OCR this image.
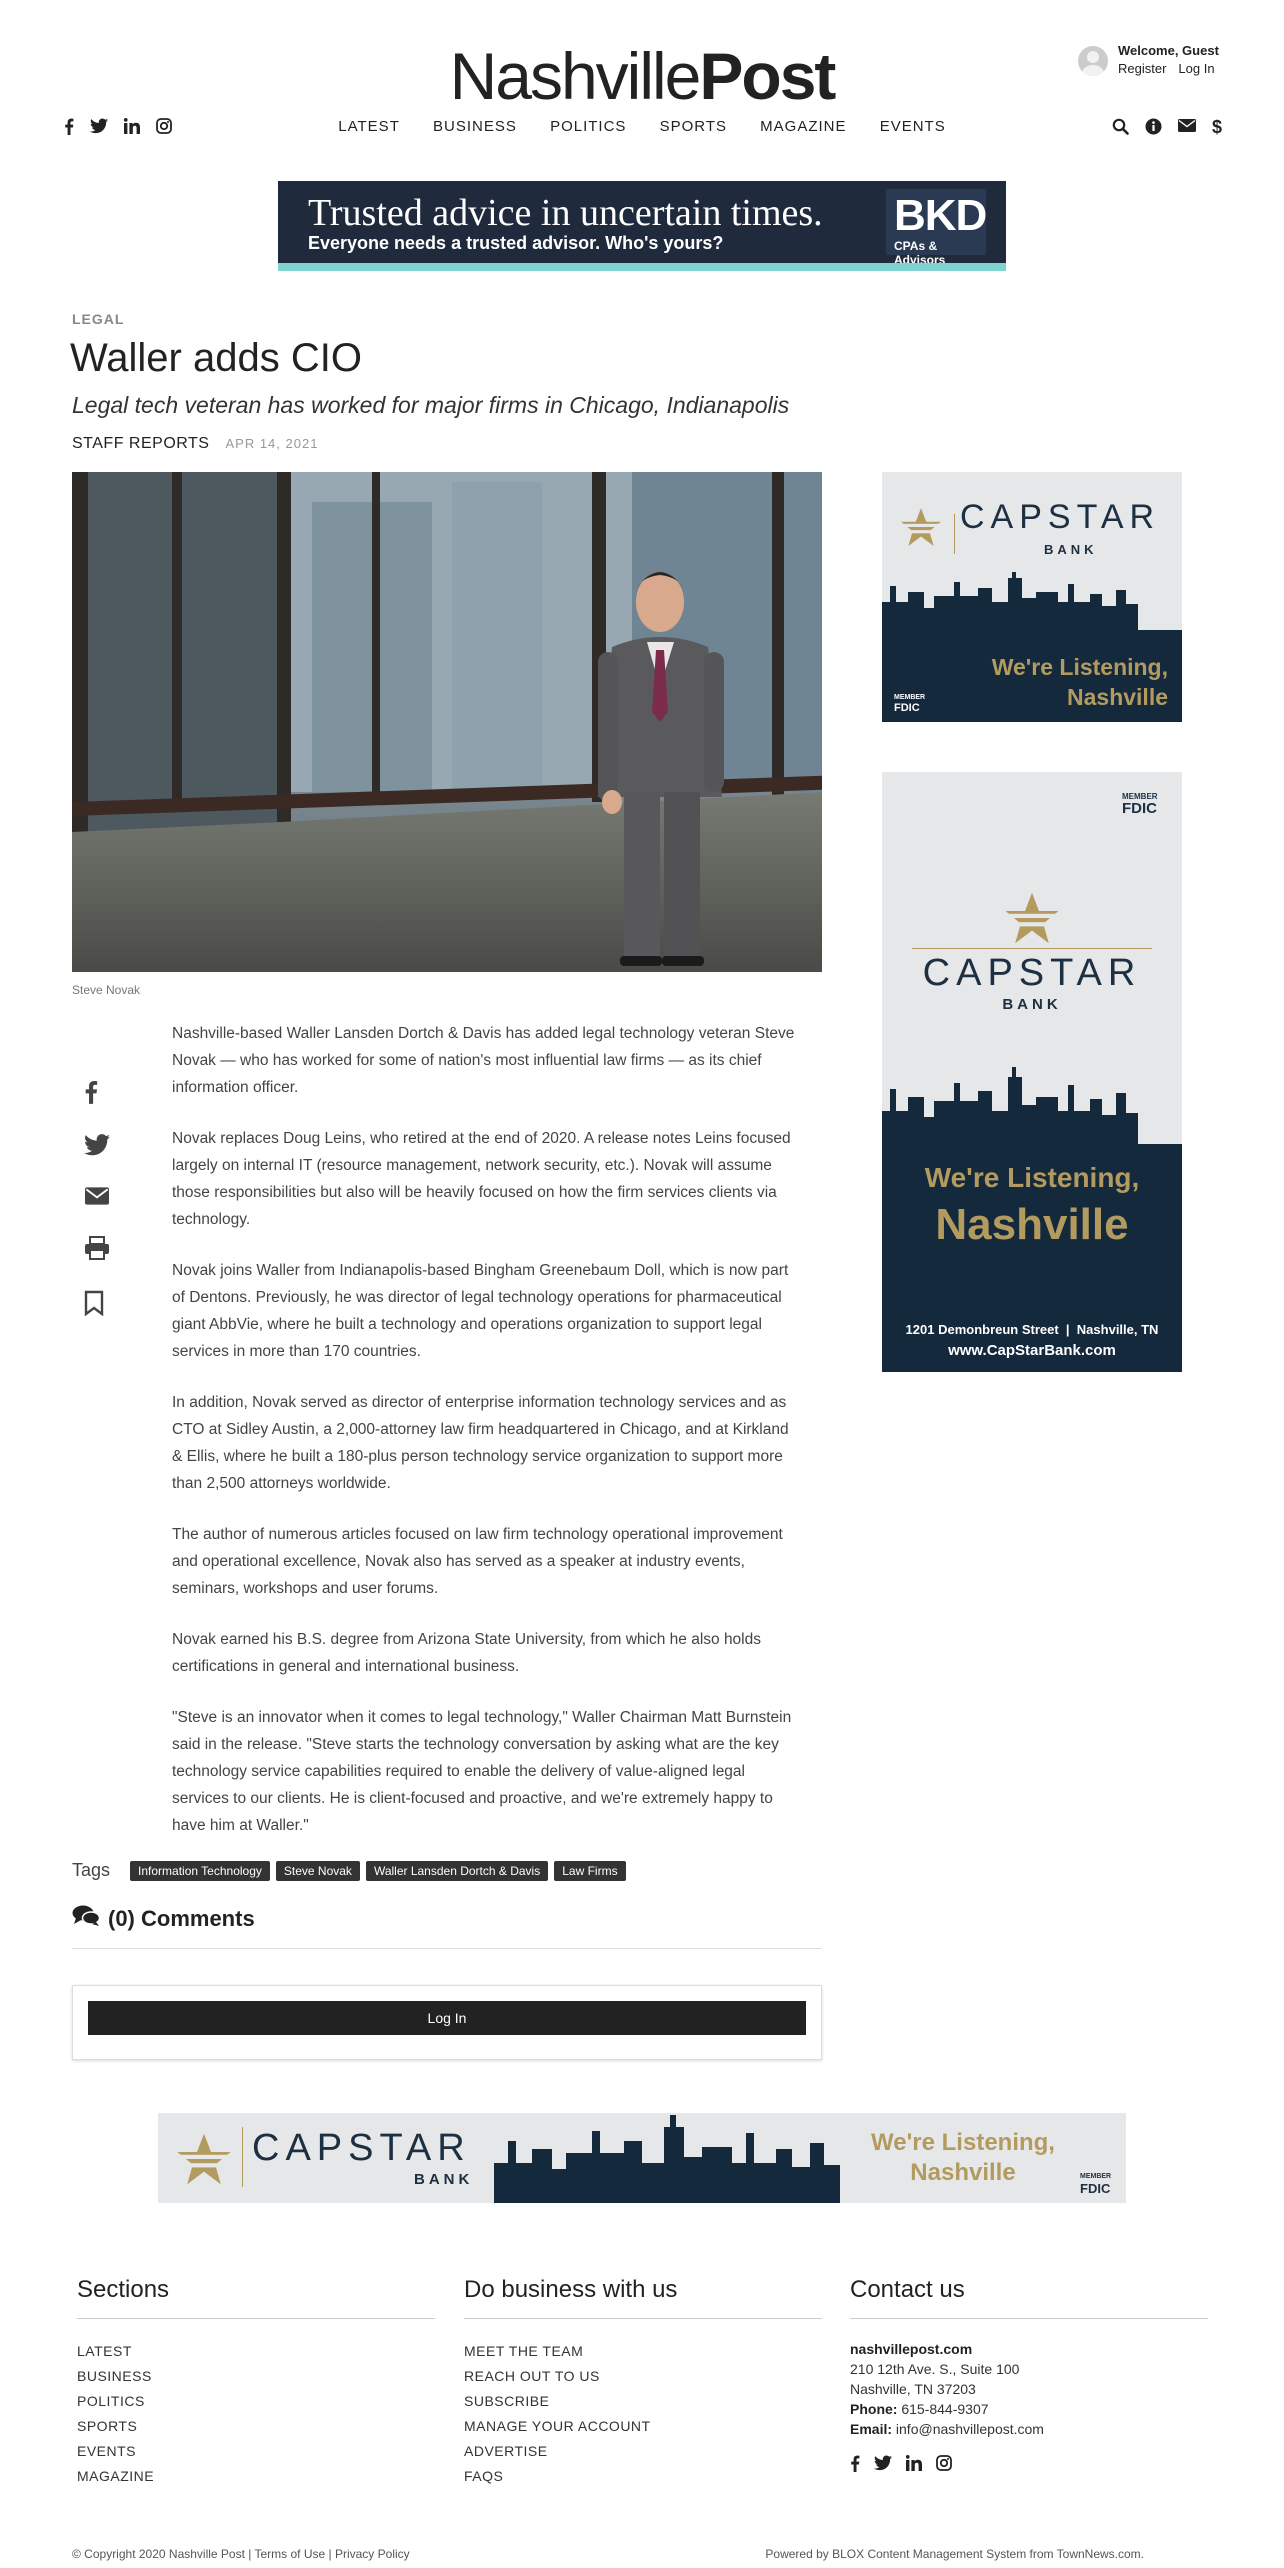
NashvillePost	Welcome, Guest
Register Log In
LATEST BUSINESS POLITICS SPORTS MAGAZINE EVENTS	$
Trusted advice in uncertain times.
Everyone needs a trusted advisor. Who's yours?
BKD
CPAs & Advisors
LEGAL
Waller adds CIO
Legal tech veteran has worked for major firms in Chicago, Indianapolis
STAFF REPORTS APR 14, 2021
Steve Novak

Nashville-based Waller Lansden Dortch & Davis has added legal technology veteran Steve Novak — who has worked for some of nation's most influential law firms — as its chief information officer.

Novak replaces Doug Leins, who retired at the end of 2020. A release notes Leins focused largely on internal IT (resource management, network security, etc.). Novak will assume those responsibilities but also will be heavily focused on how the firm services clients via technology.

Novak joins Waller from Indianapolis-based Bingham Greenebaum Doll, which is now part of Dentons. Previously, he was director of legal technology operations for pharmaceutical giant AbbVie, where he built a technology and operations organization to support legal services in more than 170 countries.

In addition, Novak served as director of enterprise information technology services and as CTO at Sidley Austin, a 2,000-attorney law firm headquartered in Chicago, and at Kirkland & Ellis, where he built a 180-plus person technology service organization to support more than 2,500 attorneys worldwide.

The author of numerous articles focused on law firm technology operational improvement and operational excellence, Novak also has served as a speaker at industry events, seminars, workshops and user forums.

Novak earned his B.S. degree from Arizona State University, from which he also holds certifications in general and international business.

"Steve is an innovator when it comes to legal technology," Waller Chairman Matt Burnstein said in the release. "Steve starts the technology conversation by asking what are the key technology service capabilities required to enable the delivery of value-aligned legal services to our clients. He is client-focused and proactive, and we're extremely happy to have him at Waller."

Tags	Information Technology	Steve Novak	Waller Lansden Dortch & Davis	Law Firms
(0) Comments
Log In
CAPSTAR
BANK
We're Listening,
Nashville
MEMBER
FDIC
MEMBER
FDIC
CAPSTAR
BANK
We're Listening,
Nashville
1201 Demonbreun Street  |  Nashville, TN
www.CapStarBank.com
CAPSTAR
BANK
We're Listening,
Nashville	MEMBER
FDIC
Sections
LATEST
BUSINESS
POLITICS
SPORTS
EVENTS
MAGAZINE
Do business with us
MEET THE TEAM
REACH OUT TO US
SUBSCRIBE
MANAGE YOUR ACCOUNT
ADVERTISE
FAQS
Contact us
nashvillepost.com
210 12th Ave. S., Suite 100
Nashville, TN 37203
Phone: 615-844-9307
Email: info@nashvillepost.com
© Copyright 2020 Nashville Post | Terms of Use | Privacy Policy	Powered by BLOX Content Management System from TownNews.com.
